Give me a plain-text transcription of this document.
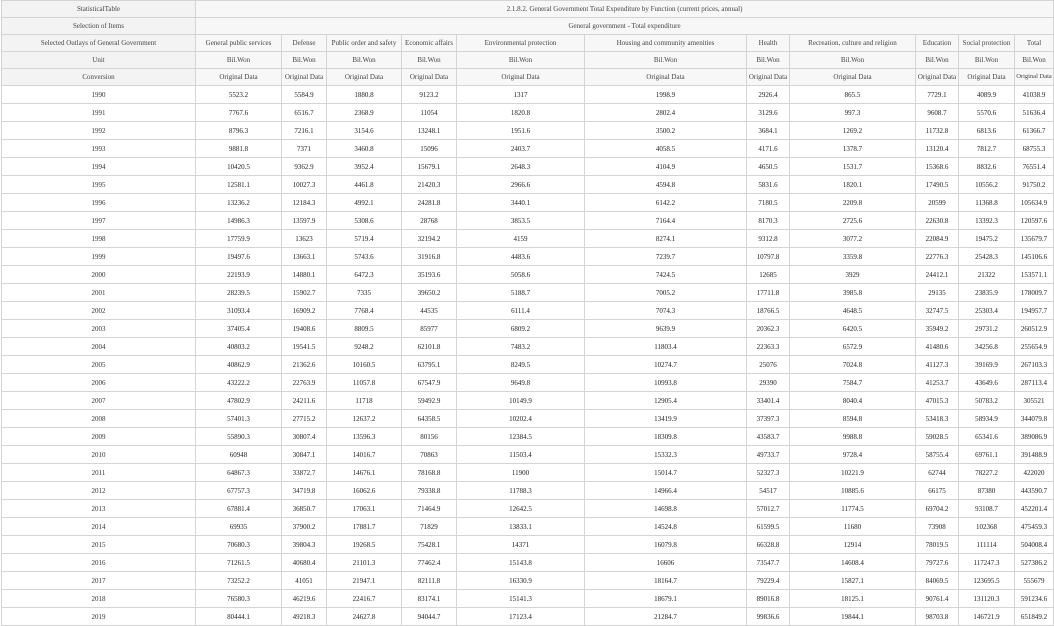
StatisticalTable	2.1.8.2. General Government Total Expenditure by Function (current prices, annual)										
Selection of Items	General government - Total expenditure										
Selected Outlays of General Government	General public services	Defense	Public order and safety	Economic affairs	Environmental protection	Housing and community amenities	Health	Recreation, culture and religion	Education	Social protection	Total
Unit	Bil.Won	Bil.Won	Bil.Won	Bil.Won	Bil.Won	Bil.Won	Bil.Won	Bil.Won	Bil.Won	Bil.Won	Bil.Won
Conversion	Original Data	Original Data	Original Data	Original Data	Original Data	Original Data	Original Data	Original Data	Original Data	Original Data	Original Data
1990	5523.2	5584.9	1880.8	9123.2	1317	1998.9	2926.4	865.5	7729.1	4089.9	41038.9
1991	7767.6	6516.7	2368.9	11054	1820.8	2802.4	3129.6	997.3	9608.7	5570.6	51636.4
1992	8796.3	7216.1	3154.6	13248.1	1951.6	3500.2	3684.1	1269.2	11732.8	6813.6	61366.7
1993	9881.8	7371	3460.8	15096	2403.7	4058.5	4171.6	1378.7	13120.4	7812.7	68755.3
1994	10420.5	9362.9	3952.4	15679.1	2648.3	4104.9	4650.5	1531.7	15368.6	8832.6	76551.4
1995	12581.1	10027.3	4461.8	21420.3	2966.6	4594.8	5831.6	1820.1	17490.5	10556.2	91750.2
1996	13236.2	12184.3	4992.1	24281.8	3440.1	6142.2	7180.5	2209.8	20599	11368.8	105634.9
1997	14986.3	13597.9	5308.6	28768	3853.5	7164.4	8170.3	2725.6	22630.8	13392.3	120597.6
1998	17759.9	13623	5719.4	32194.2	4159	8274.1	9312.8	3077.2	22084.9	19475.2	135679.7
1999	19497.6	13663.1	5743.6	31916.8	4483.6	7239.7	10797.8	3359.8	22776.3	25428.3	145106.6
2000	22193.9	14880.1	6472.3	35193.6	5058.6	7424.5	12685	3929	24412.1	21322	153571.1
2001	28239.5	15902.7	7335	39650.2	5188.7	7005.2	17711.8	3985.8	29135	23835.9	178009.7
2002	31093.4	16909.2	7768.4	44535	6111.4	7074.3	18766.5	4648.5	32747.5	25303.4	194957.7
2003	37405.4	19408.6	8809.5	85977	6809.2	9639.9	20362.3	6420.5	35949.2	29731.2	260512.9
2004	40803.2	19541.5	9248.2	62101.8	7483.2	11803.4	22363.3	6572.9	41480.6	34256.8	255654.9
2005	40862.9	21362.6	10160.5	63795.1	8249.5	10274.7	25076	7024.8	41127.3	39169.9	267103.3
2006	43222.2	22763.9	11057.8	67547.9	9649.8	10993.8	29390	7584.7	41253.7	43649.6	287113.4
2007	47802.9	24211.6	11718	59492.9	10149.9	12905.4	33401.4	8040.4	47015.3	50783.2	305521
2008	57401.3	27715.2	12637.2	64358.5	10202.4	13419.9	37397.3	8594.8	53418.3	58934.9	344079.8
2009	55890.3	30807.4	13596.3	80156	12384.5	18309.8	43583.7	9988.8	59028.5	65341.6	389086.9
2010	60948	30847.1	14016.7	70863	11503.4	15332.3	49733.7	9728.4	58755.4	69761.1	391488.9
2011	64867.3	33872.7	14676.1	78168.8	11900	15014.7	52327.3	10221.9	62744	78227.2	422020
2012	67757.3	34719.8	16062.6	79338.8	11788.3	14966.4	54517	10885.6	66175	87380	443590.7
2013	67881.4	36850.7	17063.1	71464.9	12642.5	14698.8	57012.7	11774.5	69704.2	93108.7	452201.4
2014	69935	37900.2	17881.7	71829	13833.1	14524.8	61599.5	11680	73908	102368	475459.3
2015	70680.3	39804.3	19268.5	75428.1	14371	16079.8	66328.8	12914	78019.5	111114	504008.4
2016	71261.5	40680.4	21101.3	77462.4	15143.8	16606	73547.7	14608.4	79727.6	117247.3	527386.2
2017	73252.2	41051	21947.1	82111.8	16330.9	18164.7	79229.4	15827.1	84069.5	123695.5	555679
2018	76580.3	46219.6	22416.7	83174.1	15141.3	18679.1	89016.8	18125.1	90761.4	131120.3	591234.6
2019	80444.1	49218.3	24627.8	94044.7	17123.4	21284.7	99836.6	19844.1	98703.8	146721.9	651849.2
